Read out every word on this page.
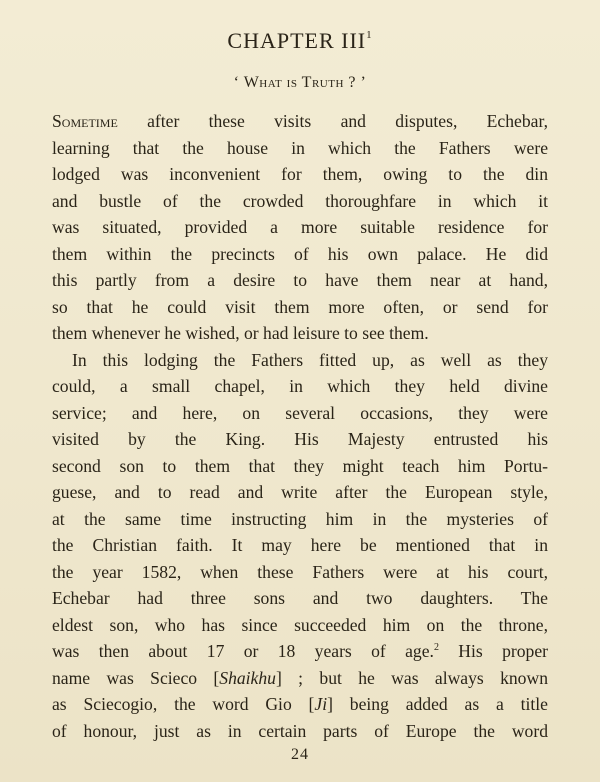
CHAPTER III$^1$
‘ What is Truth ? ’
Sometime after these visits and disputes, Echebar,
learning that the house in which the Fathers were
lodged was inconvenient for them, owing to the din
and bustle of the crowded thoroughfare in which it
was situated, provided a more suitable residence for
them within the precincts of his own palace. He did
this partly from a desire to have them near at hand,
so that he could visit them more often, or send for
them whenever he wished, or had leisure to see them.
In this lodging the Fathers fitted up, as well as they
could, a small chapel, in which they held divine
service; and here, on several occasions, they were
visited by the King. His Majesty entrusted his
second son to them that they might teach him Portu-
guese, and to read and write after the European style,
at the same time instructing him in the mysteries of
the Christian faith. It may here be mentioned that in
the year 1582, when these Fathers were at his court,
Echebar had three sons and two daughters. The
eldest son, who has since succeeded him on the throne,
was then about 17 or 18 years of age.$^2$ His proper
name was Scieco [Shaikhu] ; but he was always known
as Sciecogio, the word Gio [Ji] being added as a title
of honour, just as in certain parts of Europe the word
24
